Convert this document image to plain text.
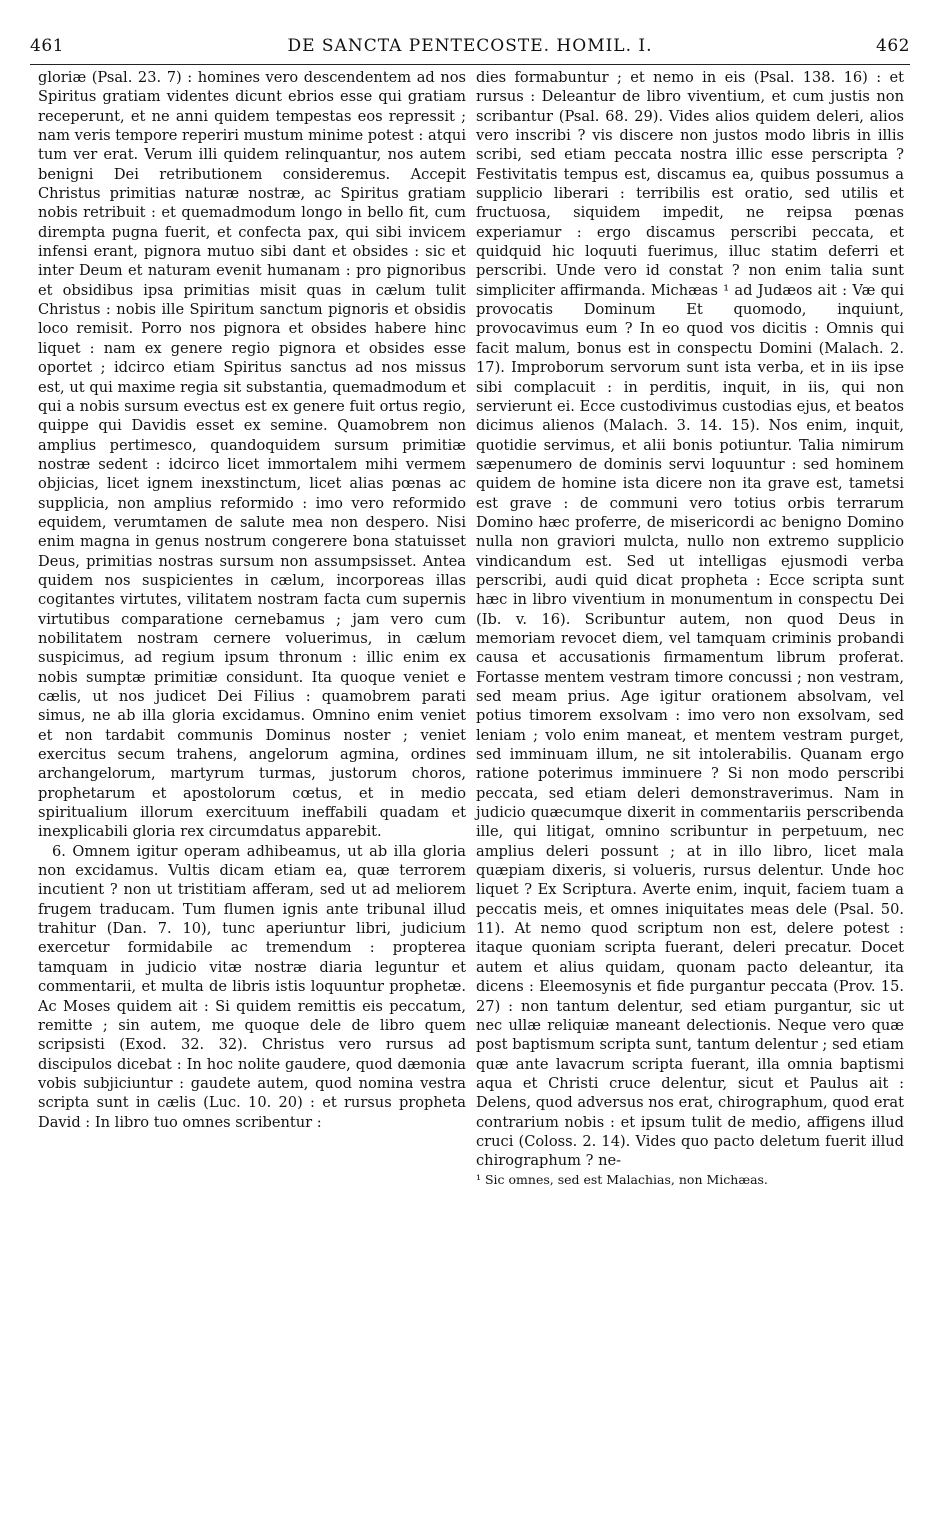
461	DE SANCTA PENTECOSTE. HOMIL. I.	462

gloriæ (Psal. 23. 7) : homines vero descendentem ad nos Spiritus gratiam videntes dicunt ebrios esse qui gratiam receperunt, et ne anni quidem tempestas eos repressit ; nam veris tempore reperiri mustum minime potest : atqui tum ver erat. Verum illi quidem relinquantur, nos autem benigni Dei retributionem consideremus. Accepit Christus primitias naturæ nostræ, ac Spiritus gratiam nobis retribuit : et quemadmodum longo in bello fit, cum dirempta pugna fuerit, et confecta pax, qui sibi invicem infensi erant, pignora mutuo sibi dant et obsides : sic et inter Deum et naturam evenit humanam : pro pignoribus et obsidibus ipsa primitias misit quas in cælum tulit Christus : nobis ille Spiritum sanctum pignoris et obsidis loco remisit. Porro nos pignora et obsides habere hinc liquet : nam ex genere regio pignora et obsides esse oportet ; idcirco etiam Spiritus sanctus ad nos missus est, ut qui maxime regia sit substantia, quemadmodum et qui a nobis sursum evectus est ex genere fuit ortus regio, quippe qui Davidis esset ex semine. Quamobrem non amplius pertimesco, quandoquidem sursum primitiæ nostræ sedent : idcirco licet immortalem mihi vermem objicias, licet ignem inexstinctum, licet alias pœnas ac supplicia, non amplius reformido : imo vero reformido equidem, verumtamen de salute mea non despero. Nisi enim magna in genus nostrum congerere bona statuisset Deus, primitias nostras sursum non assumpsisset. Antea quidem nos suspicientes in cælum, incorporeas illas cogitantes virtutes, vilitatem nostram facta cum supernis virtutibus comparatione cernebamus ; jam vero cum nobilitatem nostram cernere voluerimus, in cælum suspicimus, ad regium ipsum thronum : illic enim ex nobis sumptæ primitiæ considunt. Ita quoque veniet e cælis, ut nos judicet Dei Filius : quamobrem parati simus, ne ab illa gloria excidamus. Omnino enim veniet et non tardabit communis Dominus noster ; veniet exercitus secum trahens, angelorum agmina, ordines archangelorum, martyrum turmas, justorum choros, prophetarum et apostolorum cœtus, et in medio spiritualium illorum exercituum ineffabili quadam et inexplicabili gloria rex circumdatus apparebit.

6. Omnem igitur operam adhibeamus, ut ab illa gloria non excidamus. Vultis dicam etiam ea, quæ terrorem incutient ? non ut tristitiam afferam, sed ut ad meliorem frugem traducam. Tum flumen ignis ante tribunal illud trahitur (Dan. 7. 10), tunc aperiuntur libri, judicium exercetur formidabile ac tremendum : propterea tamquam in judicio vitæ nostræ diaria leguntur et commentarii, et multa de libris istis loquuntur prophetæ. Ac Moses quidem ait : Si quidem remittis eis peccatum, remitte ; sin autem, me quoque dele de libro quem scripsisti (Exod. 32. 32). Christus vero rursus ad discipulos dicebat : In hoc nolite gaudere, quod dæmonia vobis subjiciuntur : gaudete autem, quod nomina vestra scripta sunt in cælis (Luc. 10. 20) : et rursus propheta David : In libro tuo omnes scribentur :

dies formabuntur ; et nemo in eis (Psal. 138. 16) : et rursus : Deleantur de libro viventium, et cum justis non scribantur (Psal. 68. 29). Vides alios quidem deleri, alios vero inscribi ? vis discere non justos modo libris in illis scribi, sed etiam peccata nostra illic esse perscripta ? Festivitatis tempus est, discamus ea, quibus possumus a supplicio liberari : terribilis est oratio, sed utilis et fructuosa, siquidem impedit, ne reipsa pœnas experiamur : ergo discamus perscribi peccata, et quidquid hic loquuti fuerimus, illuc statim deferri et perscribi. Unde vero id constat ? non enim talia sunt simpliciter affirmanda. Michæas ¹ ad Judæos ait : Væ qui provocatis Dominum Et quomodo, inquiunt, provocavimus eum ? In eo quod vos dicitis : Omnis qui facit malum, bonus est in conspectu Domini (Malach. 2. 17). Improborum servorum sunt ista verba, et in iis ipse sibi complacuit : in perditis, inquit, in iis, qui non servierunt ei. Ecce custodivimus custodias ejus, et beatos dicimus alienos (Malach. 3. 14. 15). Nos enim, inquit, quotidie servimus, et alii bonis potiuntur. Talia nimirum sæpenumero de dominis servi loquuntur : sed hominem quidem de homine ista dicere non ita grave est, tametsi est grave : de communi vero totius orbis terrarum Domino hæc proferre, de misericordi ac benigno Domino nulla non graviori mulcta, nullo non extremo supplicio vindicandum est. Sed ut intelligas ejusmodi verba perscribi, audi quid dicat propheta : Ecce scripta sunt hæc in libro viventium in monumentum in conspectu Dei (Ib. v. 16). Scribuntur autem, non quod Deus in memoriam revocet diem, vel tamquam criminis probandi causa et accusationis firmamentum librum proferat. Fortasse mentem vestram timore concussi ; non vestram, sed meam prius. Age igitur orationem absolvam, vel potius timorem exsolvam : imo vero non exsolvam, sed leniam ; volo enim maneat, et mentem vestram purget, sed imminuam illum, ne sit intolerabilis. Quanam ergo ratione poterimus imminuere ? Si non modo perscribi peccata, sed etiam deleri demonstraverimus. Nam in judicio quæcumque dixerit in commentariis perscribenda ille, qui litigat, omnino scribuntur in perpetuum, nec amplius deleri possunt ; at in illo libro, licet mala quæpiam dixeris, si volueris, rursus delentur. Unde hoc liquet ? Ex Scriptura. Averte enim, inquit, faciem tuam a peccatis meis, et omnes iniquitates meas dele (Psal. 50. 11). At nemo quod scriptum non est, delere potest : itaque quoniam scripta fuerant, deleri precatur. Docet autem et alius quidam, quonam pacto deleantur, ita dicens : Eleemosynis et fide purgantur peccata (Prov. 15. 27) : non tantum delentur, sed etiam purgantur, sic ut nec ullæ reliquiæ maneant delectionis. Neque vero quæ post baptismum scripta sunt, tantum delentur ; sed etiam quæ ante lavacrum scripta fuerant, illa omnia baptismi aqua et Christi cruce delentur, sicut et Paulus ait : Delens, quod adversus nos erat, chirographum, quod erat contrarium nobis : et ipsum tulit de medio, affigens illud cruci (Coloss. 2. 14). Vides quo pacto deletum fuerit illud chirographum ? ne-

¹ Sic omnes, sed est Malachias, non Michæas.
